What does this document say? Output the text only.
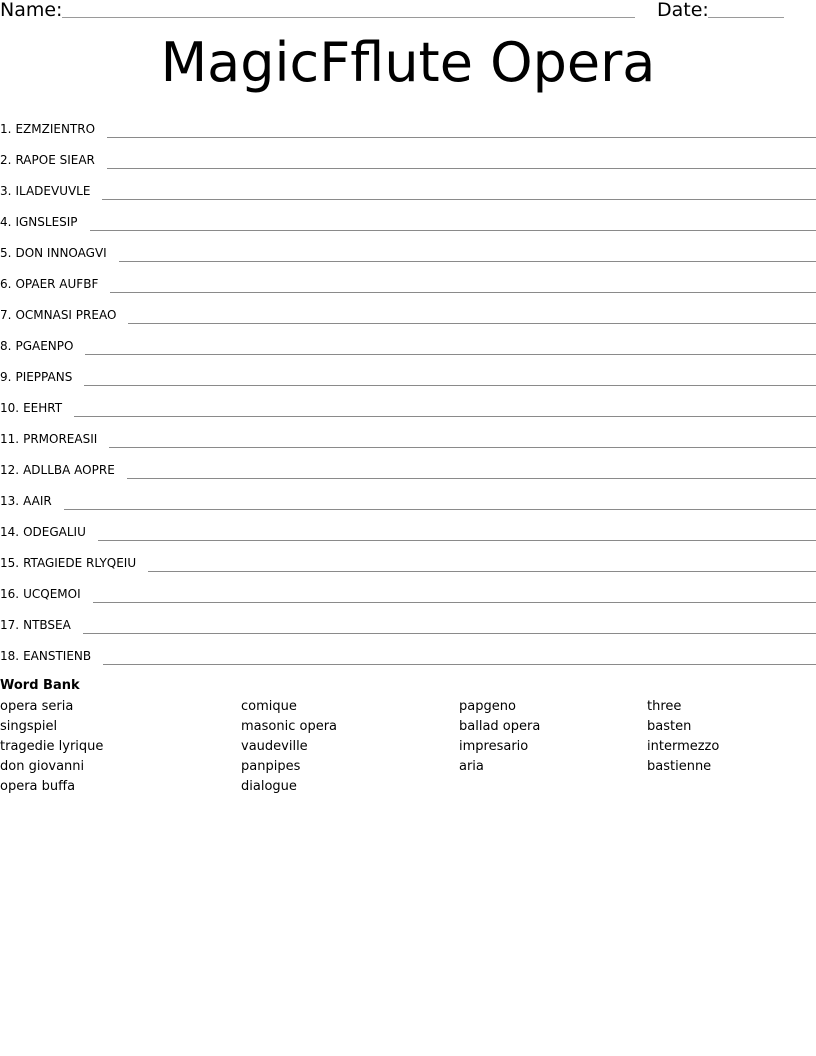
Name:	Date:
MagicFflute Opera
1. EZMZIENTRO
2. RAPOE SIEAR
3. ILADEVUVLE
4. IGNSLESIP
5. DON INNOAGVI
6. OPAER AUFBF
7. OCMNASI PREAO
8. PGAENPO
9. PIEPPANS
10. EEHRT
11. PRMOREASII
12. ADLLBA AOPRE
13. AAIR
14. ODEGALIU
15. RTAGIEDE RLYQEIU
16. UCQEMOI
17. NTBSEA
18. EANSTIENB
Word Bank
opera seria
singspiel
tragedie lyrique
don giovanni
opera buffa
comique
masonic opera
vaudeville
panpipes
dialogue
papgeno
ballad opera
impresario
aria
three
basten
intermezzo
bastienne
